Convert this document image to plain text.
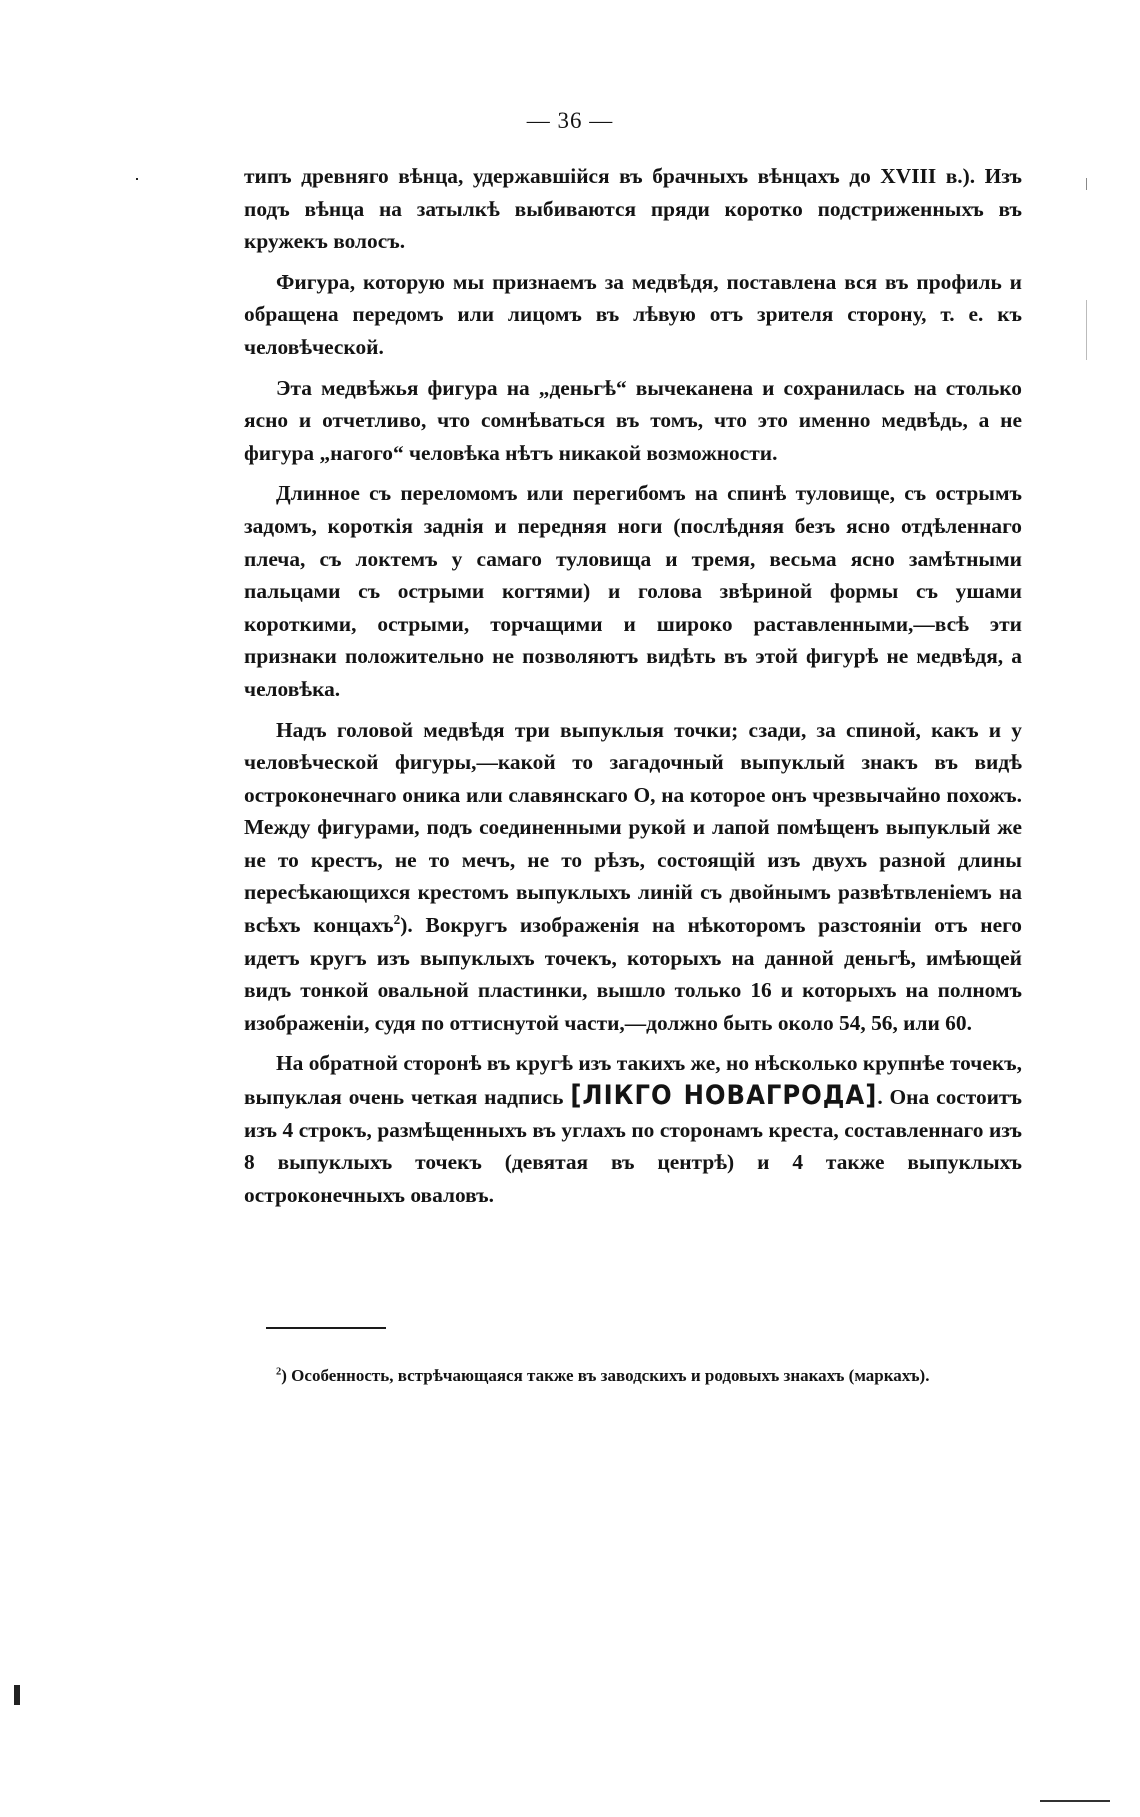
— 36 —

типъ древняго вѣнца, удержавшійся въ брачныхъ вѣнцахъ до XVIII в.). Изъ подъ вѣнца на затылкѣ выбиваются пряди коротко подстриженныхъ въ кружекъ волосъ.

Фигура, которую мы признаемъ за медвѣдя, поставлена вся въ профиль и обращена передомъ или лицомъ въ лѣвую отъ зрителя сторону, т. е. къ человѣческой.

Эта медвѣжья фигура на „деньгѣ“ вычеканена и сохранилась на столько ясно и отчетливо, что сомнѣваться въ томъ, что это именно медвѣдь, а не фигура „нагого“ человѣка нѣтъ никакой возможности.

Длинное съ переломомъ или перегибомъ на спинѣ туловище, съ острымъ задомъ, короткія заднія и передняя ноги (послѣдняя безъ ясно отдѣленнаго плеча, съ локтемъ у самаго туловища и тремя, весьма ясно замѣтными пальцами съ острыми когтями) и голова звѣриной формы съ ушами короткими, острыми, торчащими и широко раставленными,—всѣ эти признаки положительно не позволяютъ видѣть въ этой фигурѣ не медвѣдя, а человѣка.

Надъ головой медвѣдя три выпуклыя точки; сзади, за спиной, какъ и у человѣческой фигуры,—какой то загадочный выпуклый знакъ въ видѣ остроконечнаго оника или славянскаго О, на которое онъ чрезвычайно похожъ. Между фигурами, подъ соединенными рукой и лапой помѣщенъ выпуклый же не то крестъ, не то мечъ, не то рѣзъ, состоящій изъ двухъ разной длины пересѣкающихся крестомъ выпуклыхъ линій съ двойнымъ развѣтвленіемъ на всѣхъ концахъ$^2$). Вокругъ изображенія на нѣкоторомъ разстояніи отъ него идетъ кругъ изъ выпуклыхъ точекъ, которыхъ на данной деньгѣ, имѣющей видъ тонкой овальной пластинки, вышло только 16 и которыхъ на полномъ изображеніи, судя по оттиснутой части,—должно быть около 54, 56, или 60.

На обратной сторонѣ въ кругѣ изъ такихъ же, но нѣсколько крупнѣе точекъ, выпуклая очень четкая надпись [ЛІКГО НОВАГРОДА]. Она состоитъ изъ 4 строкъ, размѣщенныхъ въ углахъ по сторонамъ креста, составленнаго изъ 8 выпуклыхъ точекъ (девятая въ центрѣ) и 4 также выпуклыхъ остроконечныхъ оваловъ.

$^2$) Особенность, встрѣчающаяся также въ заводскихъ и родовыхъ знакахъ (маркахъ).
